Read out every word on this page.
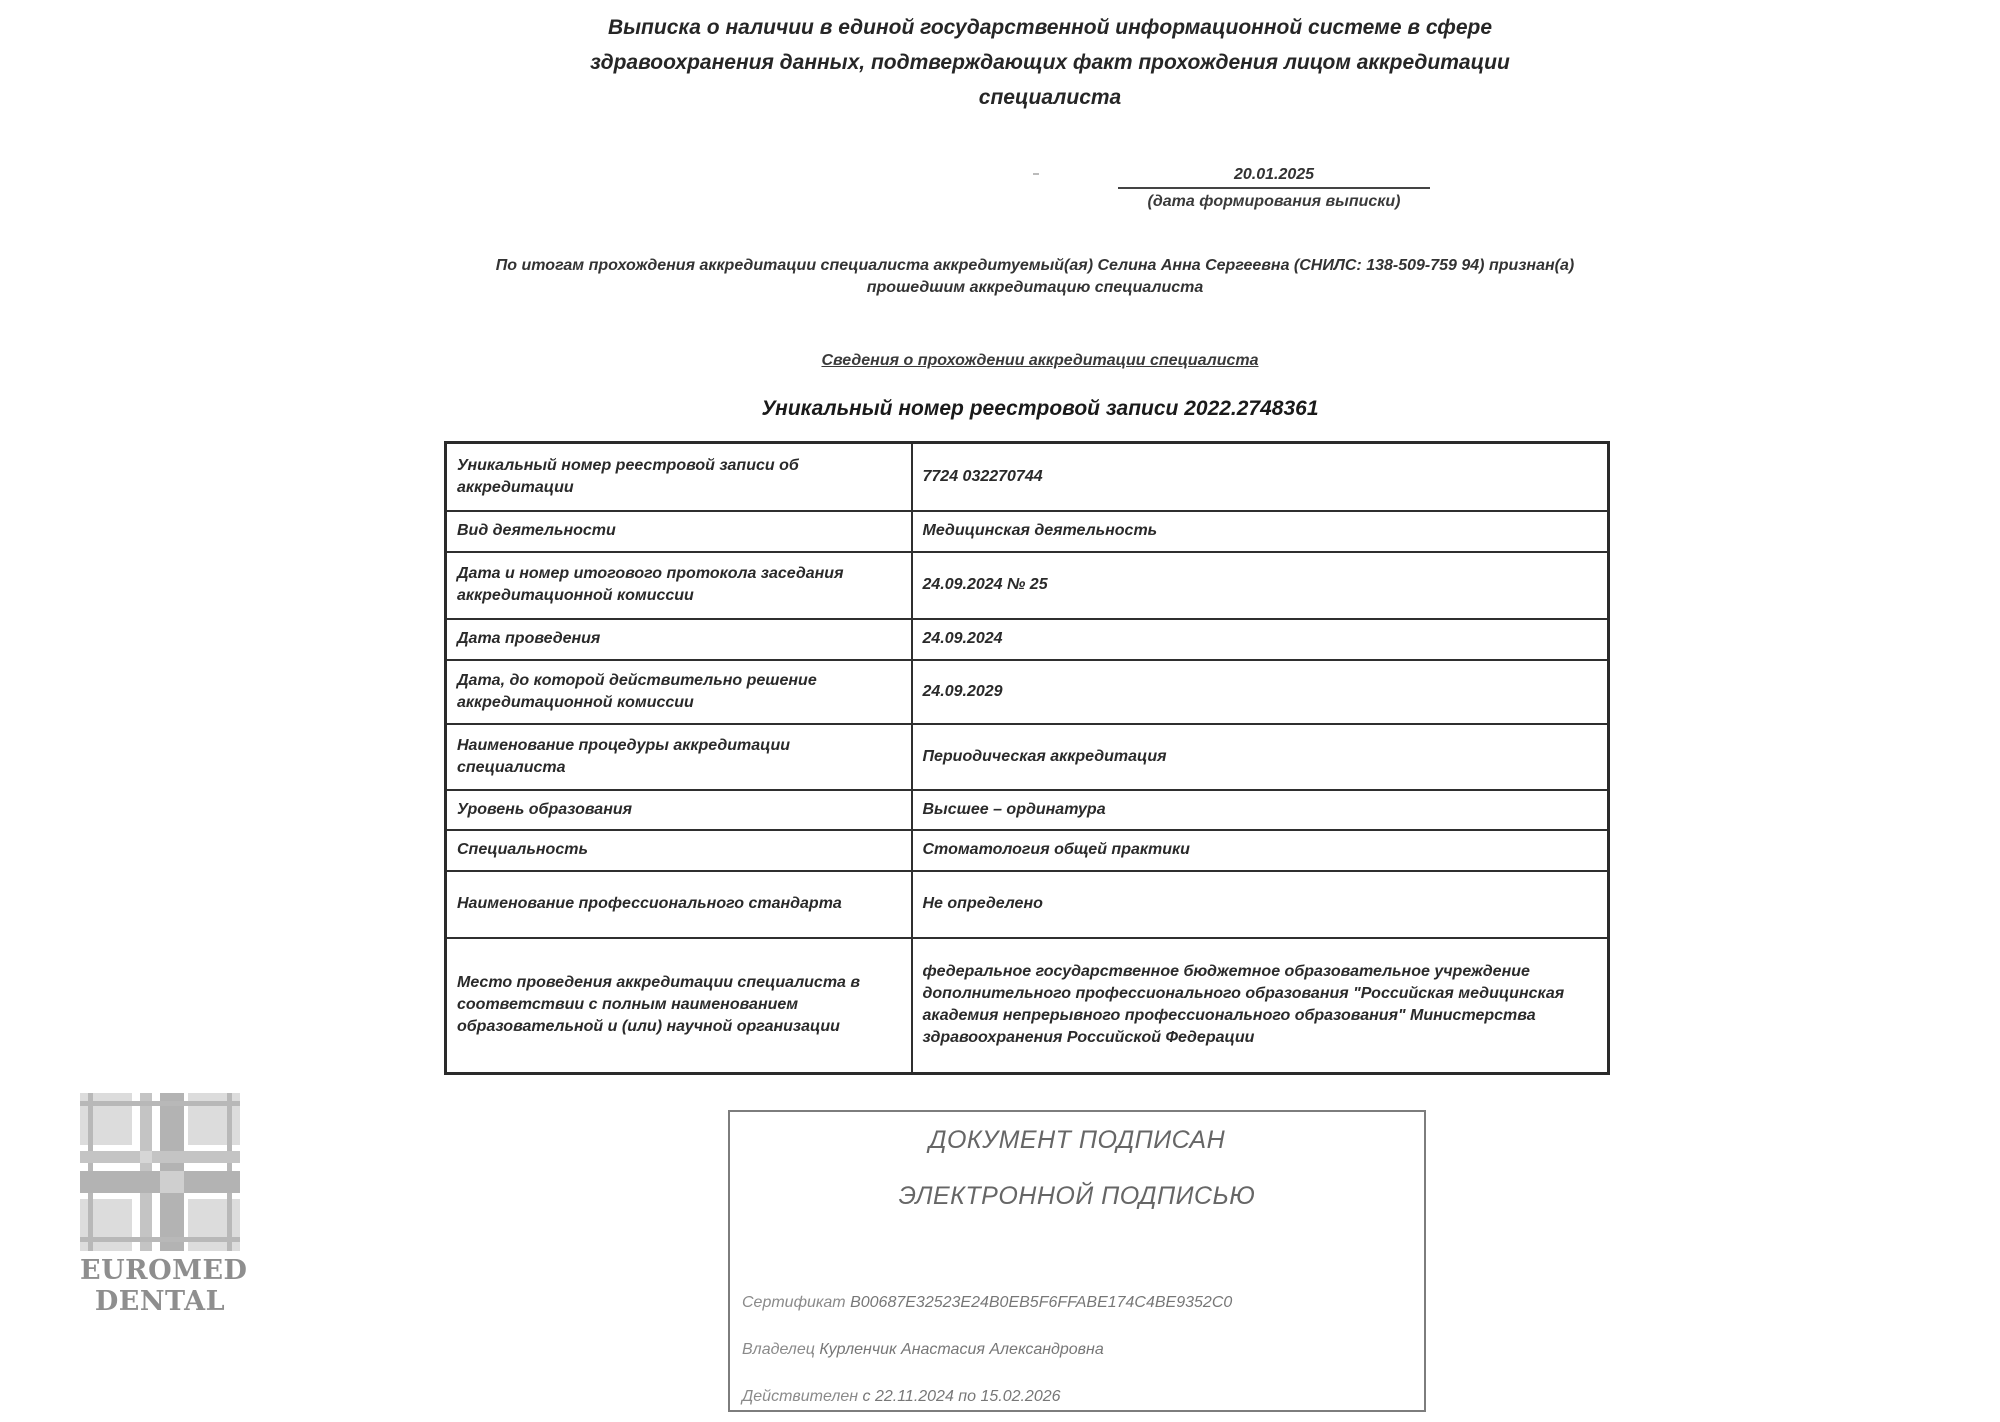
Выписка о наличии в единой государственной информационной системе в сфере здравоохранения данных, подтверждающих факт прохождения лицом аккредитации специалиста
20.01.2025
(дата формирования выписки)
По итогам прохождения аккредитации специалиста аккредитуемый(ая) Селина Анна Сергеевна (СНИЛС: 138-509-759 94) признан(а) прошедшим аккредитацию специалиста
Сведения о прохождении аккредитации специалиста
Уникальный номер реестровой записи 2022.2748361
Уникальный номер реестровой записи об аккредитации	7724 032270744
Вид деятельности	Медицинская деятельность
Дата и номер итогового протокола заседания аккредитационной комиссии	24.09.2024 № 25
Дата проведения	24.09.2024
Дата, до которой действительно решение аккредитационной комиссии	24.09.2029
Наименование процедуры аккредитации специалиста	Периодическая аккредитация
Уровень образования	Высшее – ординатура
Специальность	Стоматология общей практики
Наименование профессионального стандарта	Не определено
Место проведения аккредитации специалиста в соответствии с полным наименованием образовательной и (или) научной организации	федеральное государственное бюджетное образовательное учреждение дополнительного профессионального образования "Российская медицинская академия непрерывного профессионального образования" Министерства здравоохранения Российской Федерации
ДОКУМЕНТ ПОДПИСАН
ЭЛЕКТРОННОЙ ПОДПИСЬЮ
Сертификат B00687E32523E24B0EB5F6FFABE174C4BE9352C0
Владелец Курленчик Анастасия Александровна
Действителен с 22.11.2024 по 15.02.2026
EUROMED
DENTAL
